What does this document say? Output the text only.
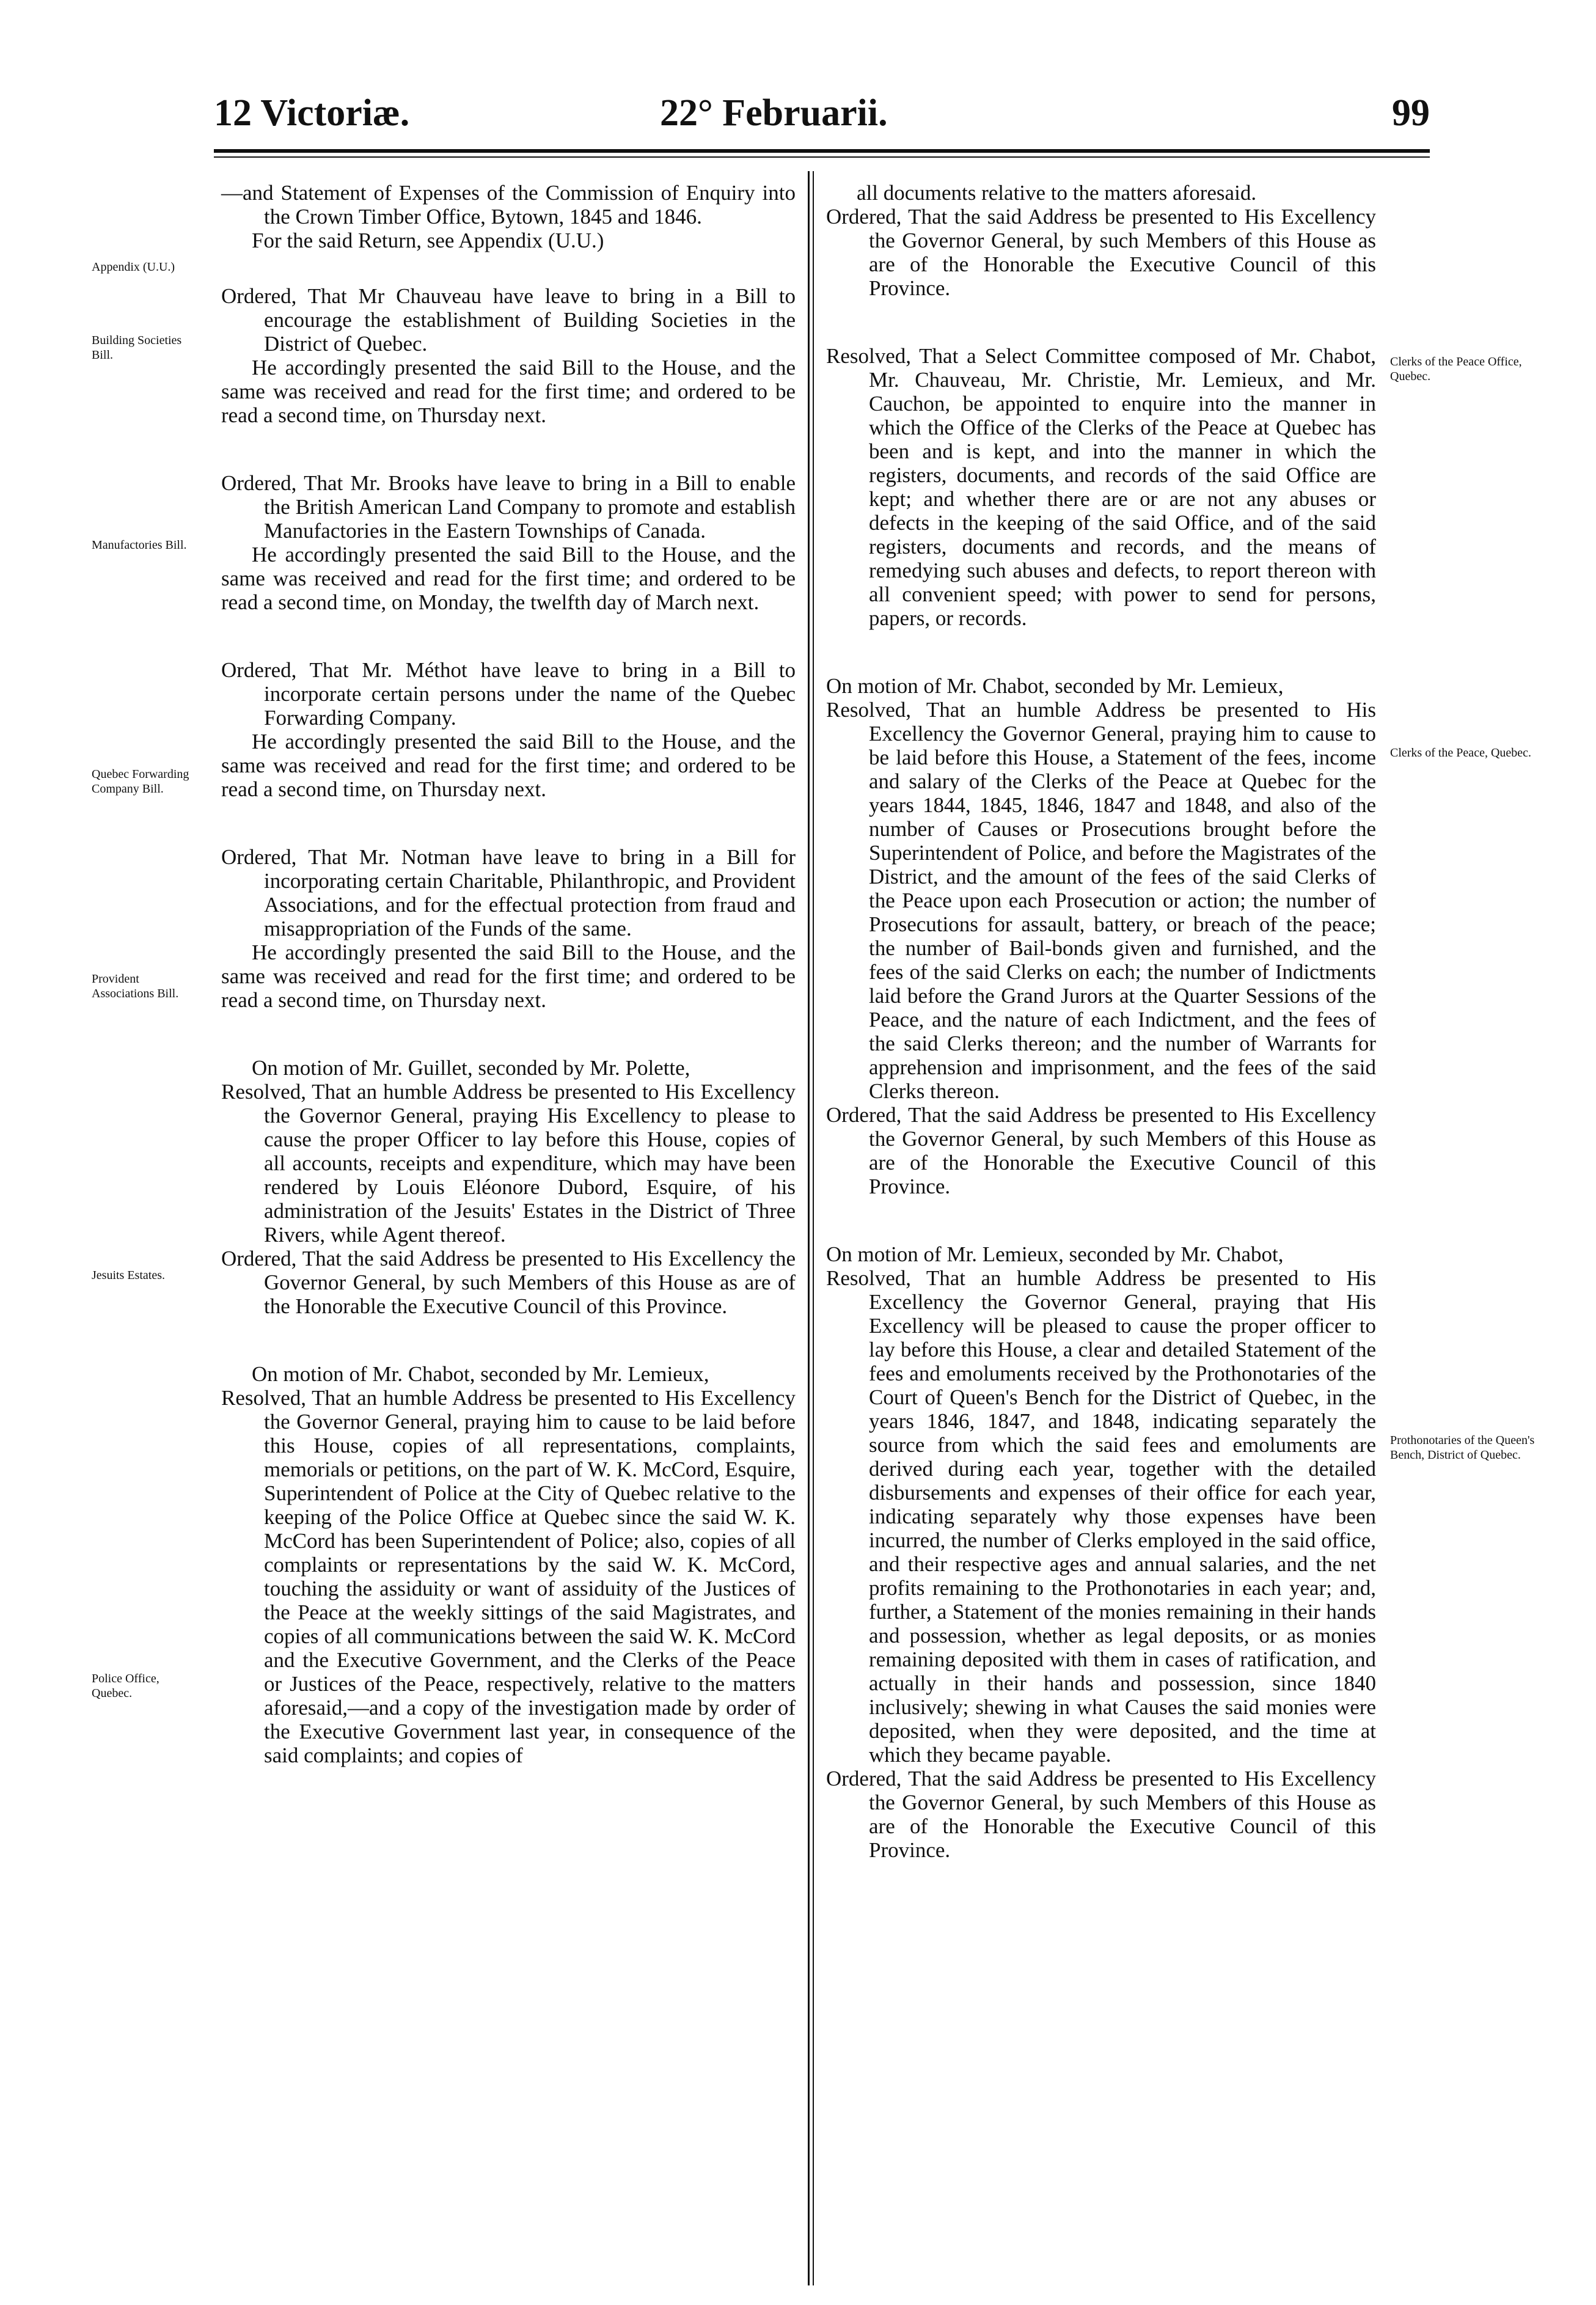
12 Victoriæ.	22° Februarii.	99
Appendix (U.U.)
Building Societies Bill.
Manufactories Bill.
Quebec Forwarding Company Bill.
Provident Associations Bill.
Jesuits Estates.
Police Office, Quebec.
Clerks of the Peace Office, Quebec.
Clerks of the Peace, Quebec.
Prothonotaries of the Queen's Bench, District of Quebec.

—and Statement of Expenses of the Commission of Enquiry into the Crown Timber Office, Bytown, 1845 and 1846.

For the said Return, see Appendix (U.U.)

Ordered, That Mr Chauveau have leave to bring in a Bill to encourage the establishment of Building Societies in the District of Quebec.

He accordingly presented the said Bill to the House, and the same was received and read for the first time; and ordered to be read a second time, on Thursday next.

Ordered, That Mr. Brooks have leave to bring in a Bill to enable the British American Land Company to promote and establish Manufactories in the Eastern Townships of Canada.

He accordingly presented the said Bill to the House, and the same was received and read for the first time; and ordered to be read a second time, on Monday, the twelfth day of March next.

Ordered, That Mr. Méthot have leave to bring in a Bill to incorporate certain persons under the name of the Quebec Forwarding Company.

He accordingly presented the said Bill to the House, and the same was received and read for the first time; and ordered to be read a second time, on Thursday next.

Ordered, That Mr. Notman have leave to bring in a Bill for incorporating certain Charitable, Philanthropic, and Provident Associations, and for the effectual protection from fraud and misappropriation of the Funds of the same.

He accordingly presented the said Bill to the House, and the same was received and read for the first time; and ordered to be read a second time, on Thursday next.

On motion of Mr. Guillet, seconded by Mr. Polette,

Resolved, That an humble Address be presented to His Excellency the Governor General, praying His Excellency to please to cause the proper Officer to lay before this House, copies of all accounts, receipts and expenditure, which may have been rendered by Louis Eléonore Dubord, Esquire, of his administration of the Jesuits' Estates in the District of Three Rivers, while Agent thereof.

Ordered, That the said Address be presented to His Excellency the Governor General, by such Members of this House as are of the Honorable the Executive Council of this Province.

On motion of Mr. Chabot, seconded by Mr. Lemieux,

Resolved, That an humble Address be presented to His Excellency the Governor General, praying him to cause to be laid before this House, copies of all representations, complaints, memorials or petitions, on the part of W. K. McCord, Esquire, Superintendent of Police at the City of Quebec relative to the keeping of the Police Office at Quebec since the said W. K. McCord has been Superintendent of Police; also, copies of all complaints or representations by the said W. K. McCord, touching the assiduity or want of assiduity of the Justices of the Peace at the weekly sittings of the said Magistrates, and copies of all communications between the said W. K. McCord and the Executive Government, and the Clerks of the Peace or Justices of the Peace, respectively, relative to the matters aforesaid,—and a copy of the investigation made by order of the Executive Government last year, in consequence of the said complaints; and copies of

all documents relative to the matters aforesaid.

Ordered, That the said Address be presented to His Excellency the Governor General, by such Members of this House as are of the Honorable the Executive Council of this Province.

Resolved, That a Select Committee composed of Mr. Chabot, Mr. Chauveau, Mr. Christie, Mr. Lemieux, and Mr. Cauchon, be appointed to enquire into the manner in which the Office of the Clerks of the Peace at Quebec has been and is kept, and into the manner in which the registers, documents, and records of the said Office are kept; and whether there are or are not any abuses or defects in the keeping of the said Office, and of the said registers, documents and records, and the means of remedying such abuses and defects, to report thereon with all convenient speed; with power to send for persons, papers, or records.

On motion of Mr. Chabot, seconded by Mr. Lemieux,

Resolved, That an humble Address be presented to His Excellency the Governor General, praying him to cause to be laid before this House, a Statement of the fees, income and salary of the Clerks of the Peace at Quebec for the years 1844, 1845, 1846, 1847 and 1848, and also of the number of Causes or Prosecutions brought before the Superintendent of Police, and before the Magistrates of the District, and the amount of the fees of the said Clerks of the Peace upon each Prosecution or action; the number of Prosecutions for assault, battery, or breach of the peace; the number of Bail-bonds given and furnished, and the fees of the said Clerks on each; the number of Indictments laid before the Grand Jurors at the Quarter Sessions of the Peace, and the nature of each Indictment, and the fees of the said Clerks thereon; and the number of Warrants for apprehension and imprisonment, and the fees of the said Clerks thereon.

Ordered, That the said Address be presented to His Excellency the Governor General, by such Members of this House as are of the Honorable the Executive Council of this Province.

On motion of Mr. Lemieux, seconded by Mr. Chabot,

Resolved, That an humble Address be presented to His Excellency the Governor General, praying that His Excellency will be pleased to cause the proper officer to lay before this House, a clear and detailed Statement of the fees and emoluments received by the Prothonotaries of the Court of Queen's Bench for the District of Quebec, in the years 1846, 1847, and 1848, indicating separately the source from which the said fees and emoluments are derived during each year, together with the detailed disbursements and expenses of their office for each year, indicating separately why those expenses have been incurred, the number of Clerks employed in the said office, and their respective ages and annual salaries, and the net profits remaining to the Prothonotaries in each year; and, further, a Statement of the monies remaining in their hands and possession, whether as legal deposits, or as monies remaining deposited with them in cases of ratification, and actually in their hands and possession, since 1840 inclusively; shewing in what Causes the said monies were deposited, when they were deposited, and the time at which they became payable.

Ordered, That the said Address be presented to His Excellency the Governor General, by such Members of this House as are of the Honorable the Executive Council of this Province.
